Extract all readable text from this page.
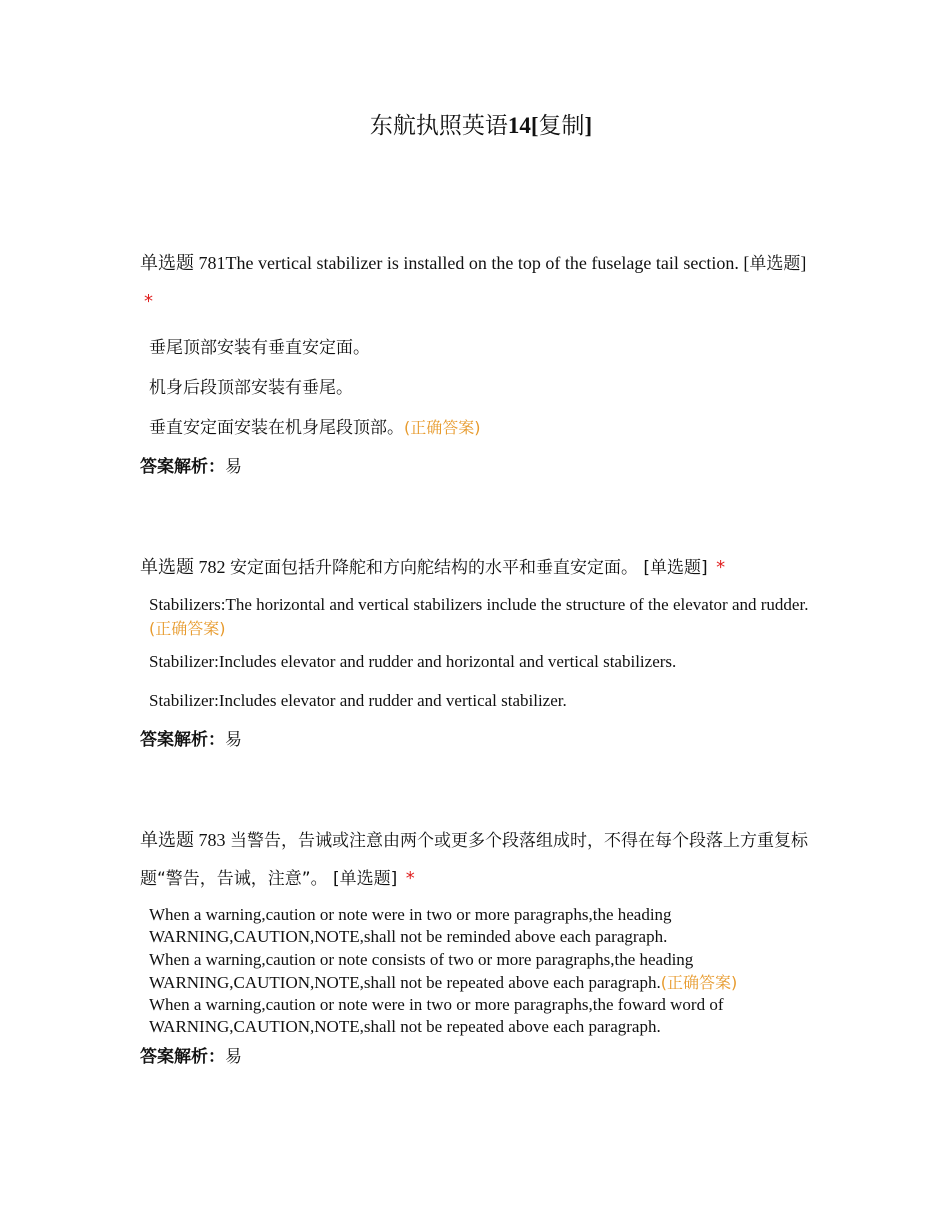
东航执照英语14[复制]

单选题 781The vertical stabilizer is installed on the top of the fuselage tail section. [单选题] *

垂尾顶部安装有垂直安定面。
机身后段顶部安装有垂尾。
垂直安定面安装在机身尾段顶部。(正确答案)
答案解析：易

单选题 782 安定面包括升降舵和方向舵结构的水平和垂直安定面。 [单选题] *

Stabilizers:The horizontal and vertical stabilizers include the structure of the elevator and rudder.(正确答案)
Stabilizer:Includes elevator and rudder and horizontal and vertical stabilizers.
Stabilizer:Includes elevator and rudder and vertical stabilizer.
答案解析：易

单选题 783 当警告，告诫或注意由两个或更多个段落组成时，不得在每个段落上方重复标题“警告，告诫，注意”。 [单选题] *

When a warning,caution or note were in two or more paragraphs,the heading WARNING,CAUTION,NOTE,shall not be reminded above each paragraph.
When a warning,caution or note consists of two or more paragraphs,the heading WARNING,CAUTION,NOTE,shall not be repeated above each paragraph.(正确答案)
When a warning,caution or note were in two or more paragraphs,the foward word of WARNING,CAUTION,NOTE,shall not be repeated above each paragraph.
答案解析：易
